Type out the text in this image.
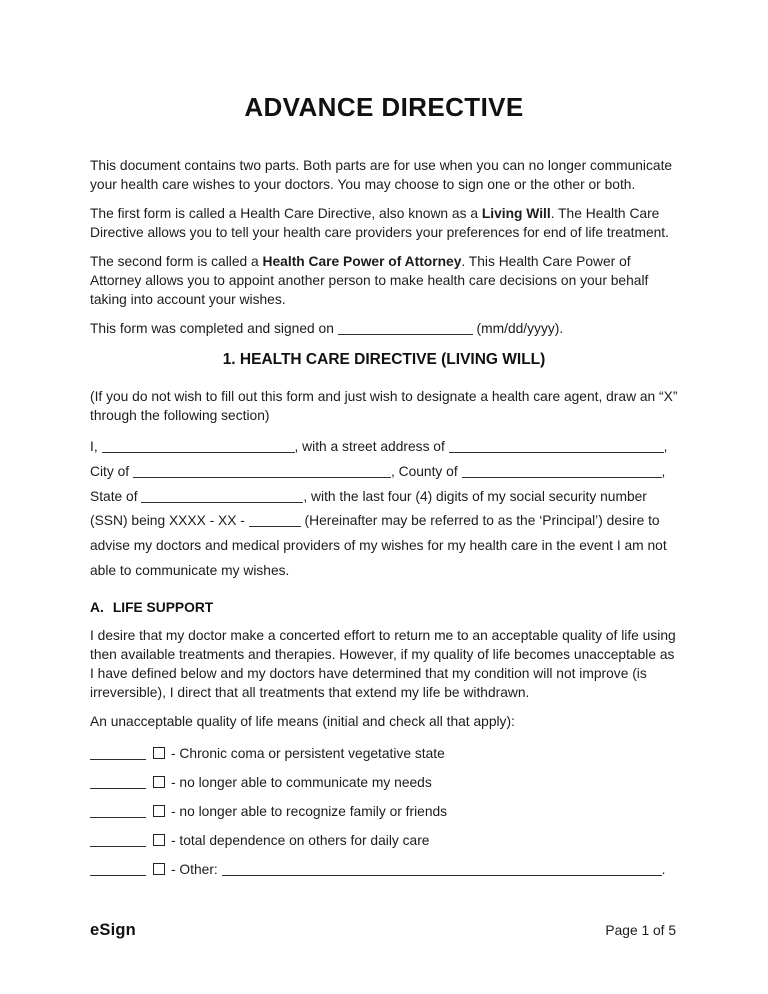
ADVANCE DIRECTIVE

This document contains two parts. Both parts are for use when you can no longer communicate your health care wishes to your doctors. You may choose to sign one or the other or both.

The first form is called a Health Care Directive, also known as a Living Will. The Health Care Directive allows you to tell your health care providers your preferences for end of life treatment.

The second form is called a Health Care Power of Attorney. This Health Care Power of Attorney allows you to appoint another person to make health care decisions on your behalf taking into account your wishes.

This form was completed and signed on	(mm/dd/yyyy).
1. HEALTH CARE DIRECTIVE (LIVING WILL)

(If you do not wish to fill out this form and just wish to designate a health care agent, draw an “X” through the following section)

I,	, with a street address of	,
City of	, County of	,
State of	, with the last four (4) digits of my social security number
(SSN) being XXXX - XX -	(Hereinafter may be referred to as the ‘Principal’) desire to
advise my doctors and medical providers of my wishes for my health care in the event I am not
able to communicate my wishes.
A. LIFE SUPPORT

I desire that my doctor make a concerted effort to return me to an acceptable quality of life using then available treatments and therapies. However, if my quality of life becomes unacceptable as I have defined below and my doctors have determined that my condition will not improve (is irreversible), I direct that all treatments that extend my life be withdrawn.

An unacceptable quality of life means (initial and check all that apply):

- Chronic coma or persistent vegetative state
- no longer able to communicate my needs
- no longer able to recognize family or friends
- total dependence on others for daily care
- Other:	.
eSign	Page 1 of 5
